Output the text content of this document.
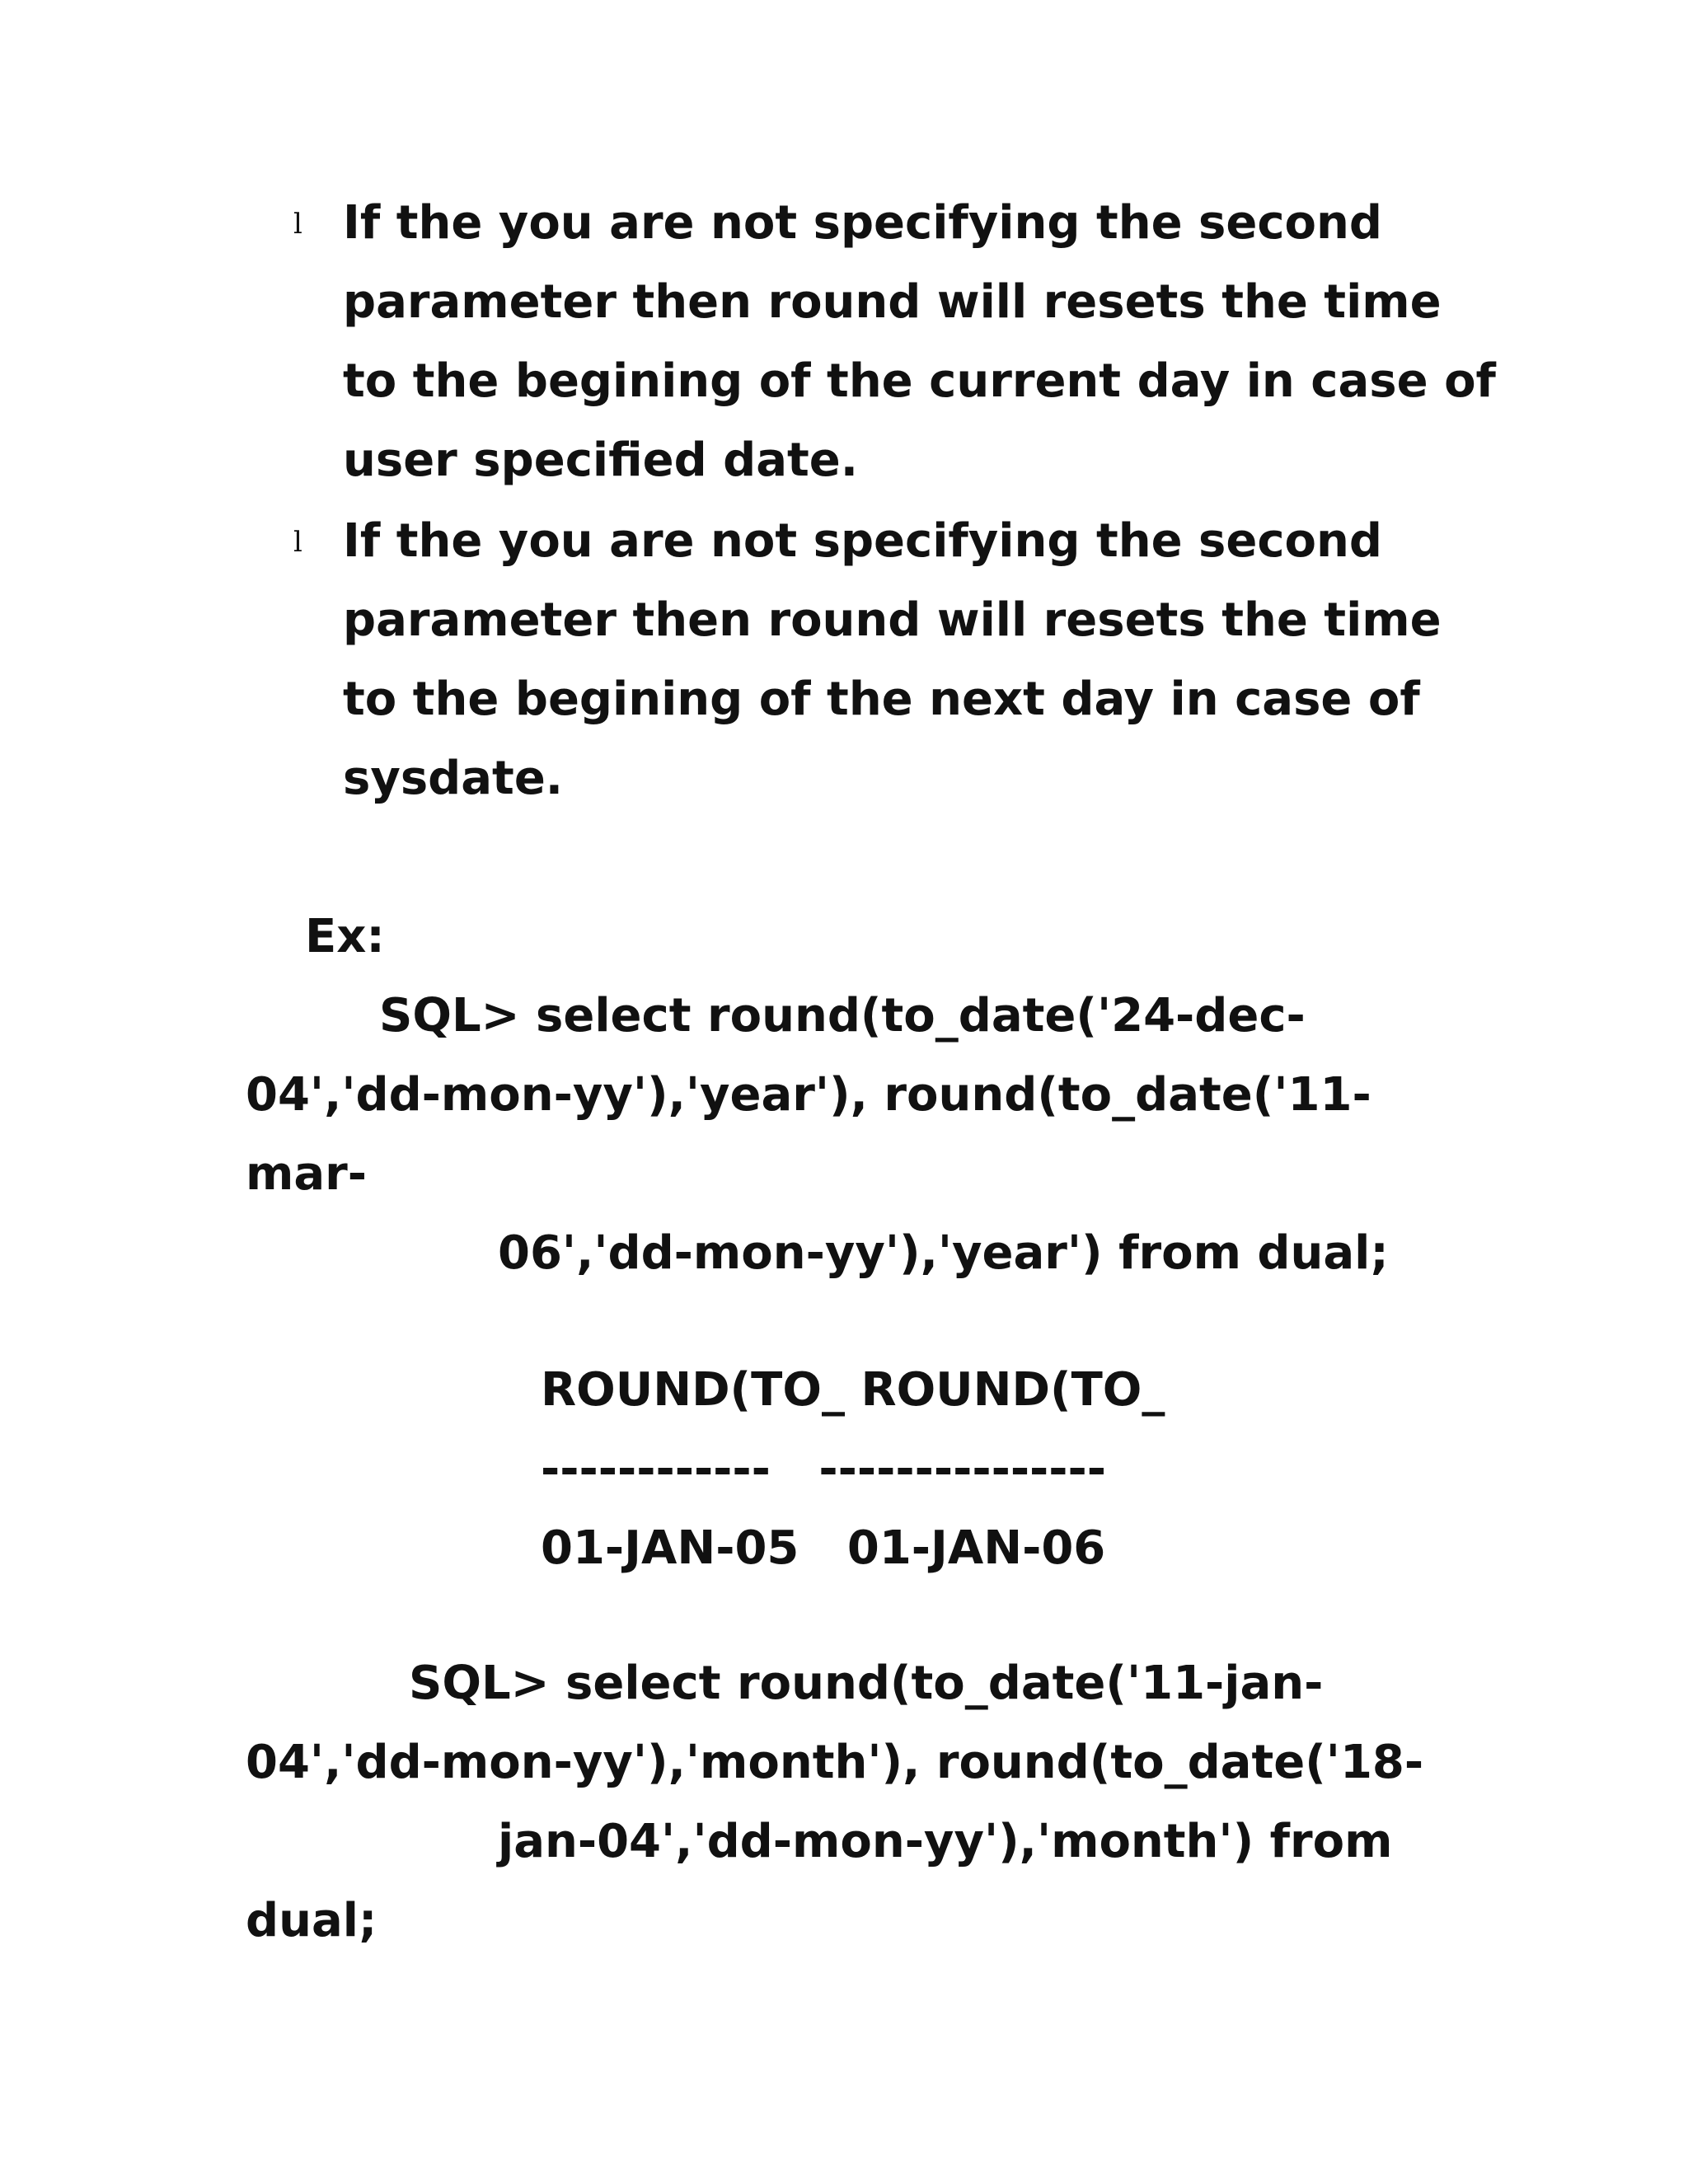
l If the you are not specifying the second

parameter then round will resets the time

to the begining of the current day in case of

user specified date.

l If the you are not specifying the second

parameter then round will resets the time

to the begining of the next day in case of

sysdate.

Ex:

SQL> select round(to_date('24-dec-

04','dd-mon-yy'),'year'), round(to_date('11-

mar-

06','dd-mon-yy'),'year') from dual;

ROUND(TO_ ROUND(TO_

------------   ---------------

01-JAN-05   01-JAN-06

SQL> select round(to_date('11-jan-

04','dd-mon-yy'),'month'), round(to_date('18-

jan-04','dd-mon-yy'),'month') from

dual;
